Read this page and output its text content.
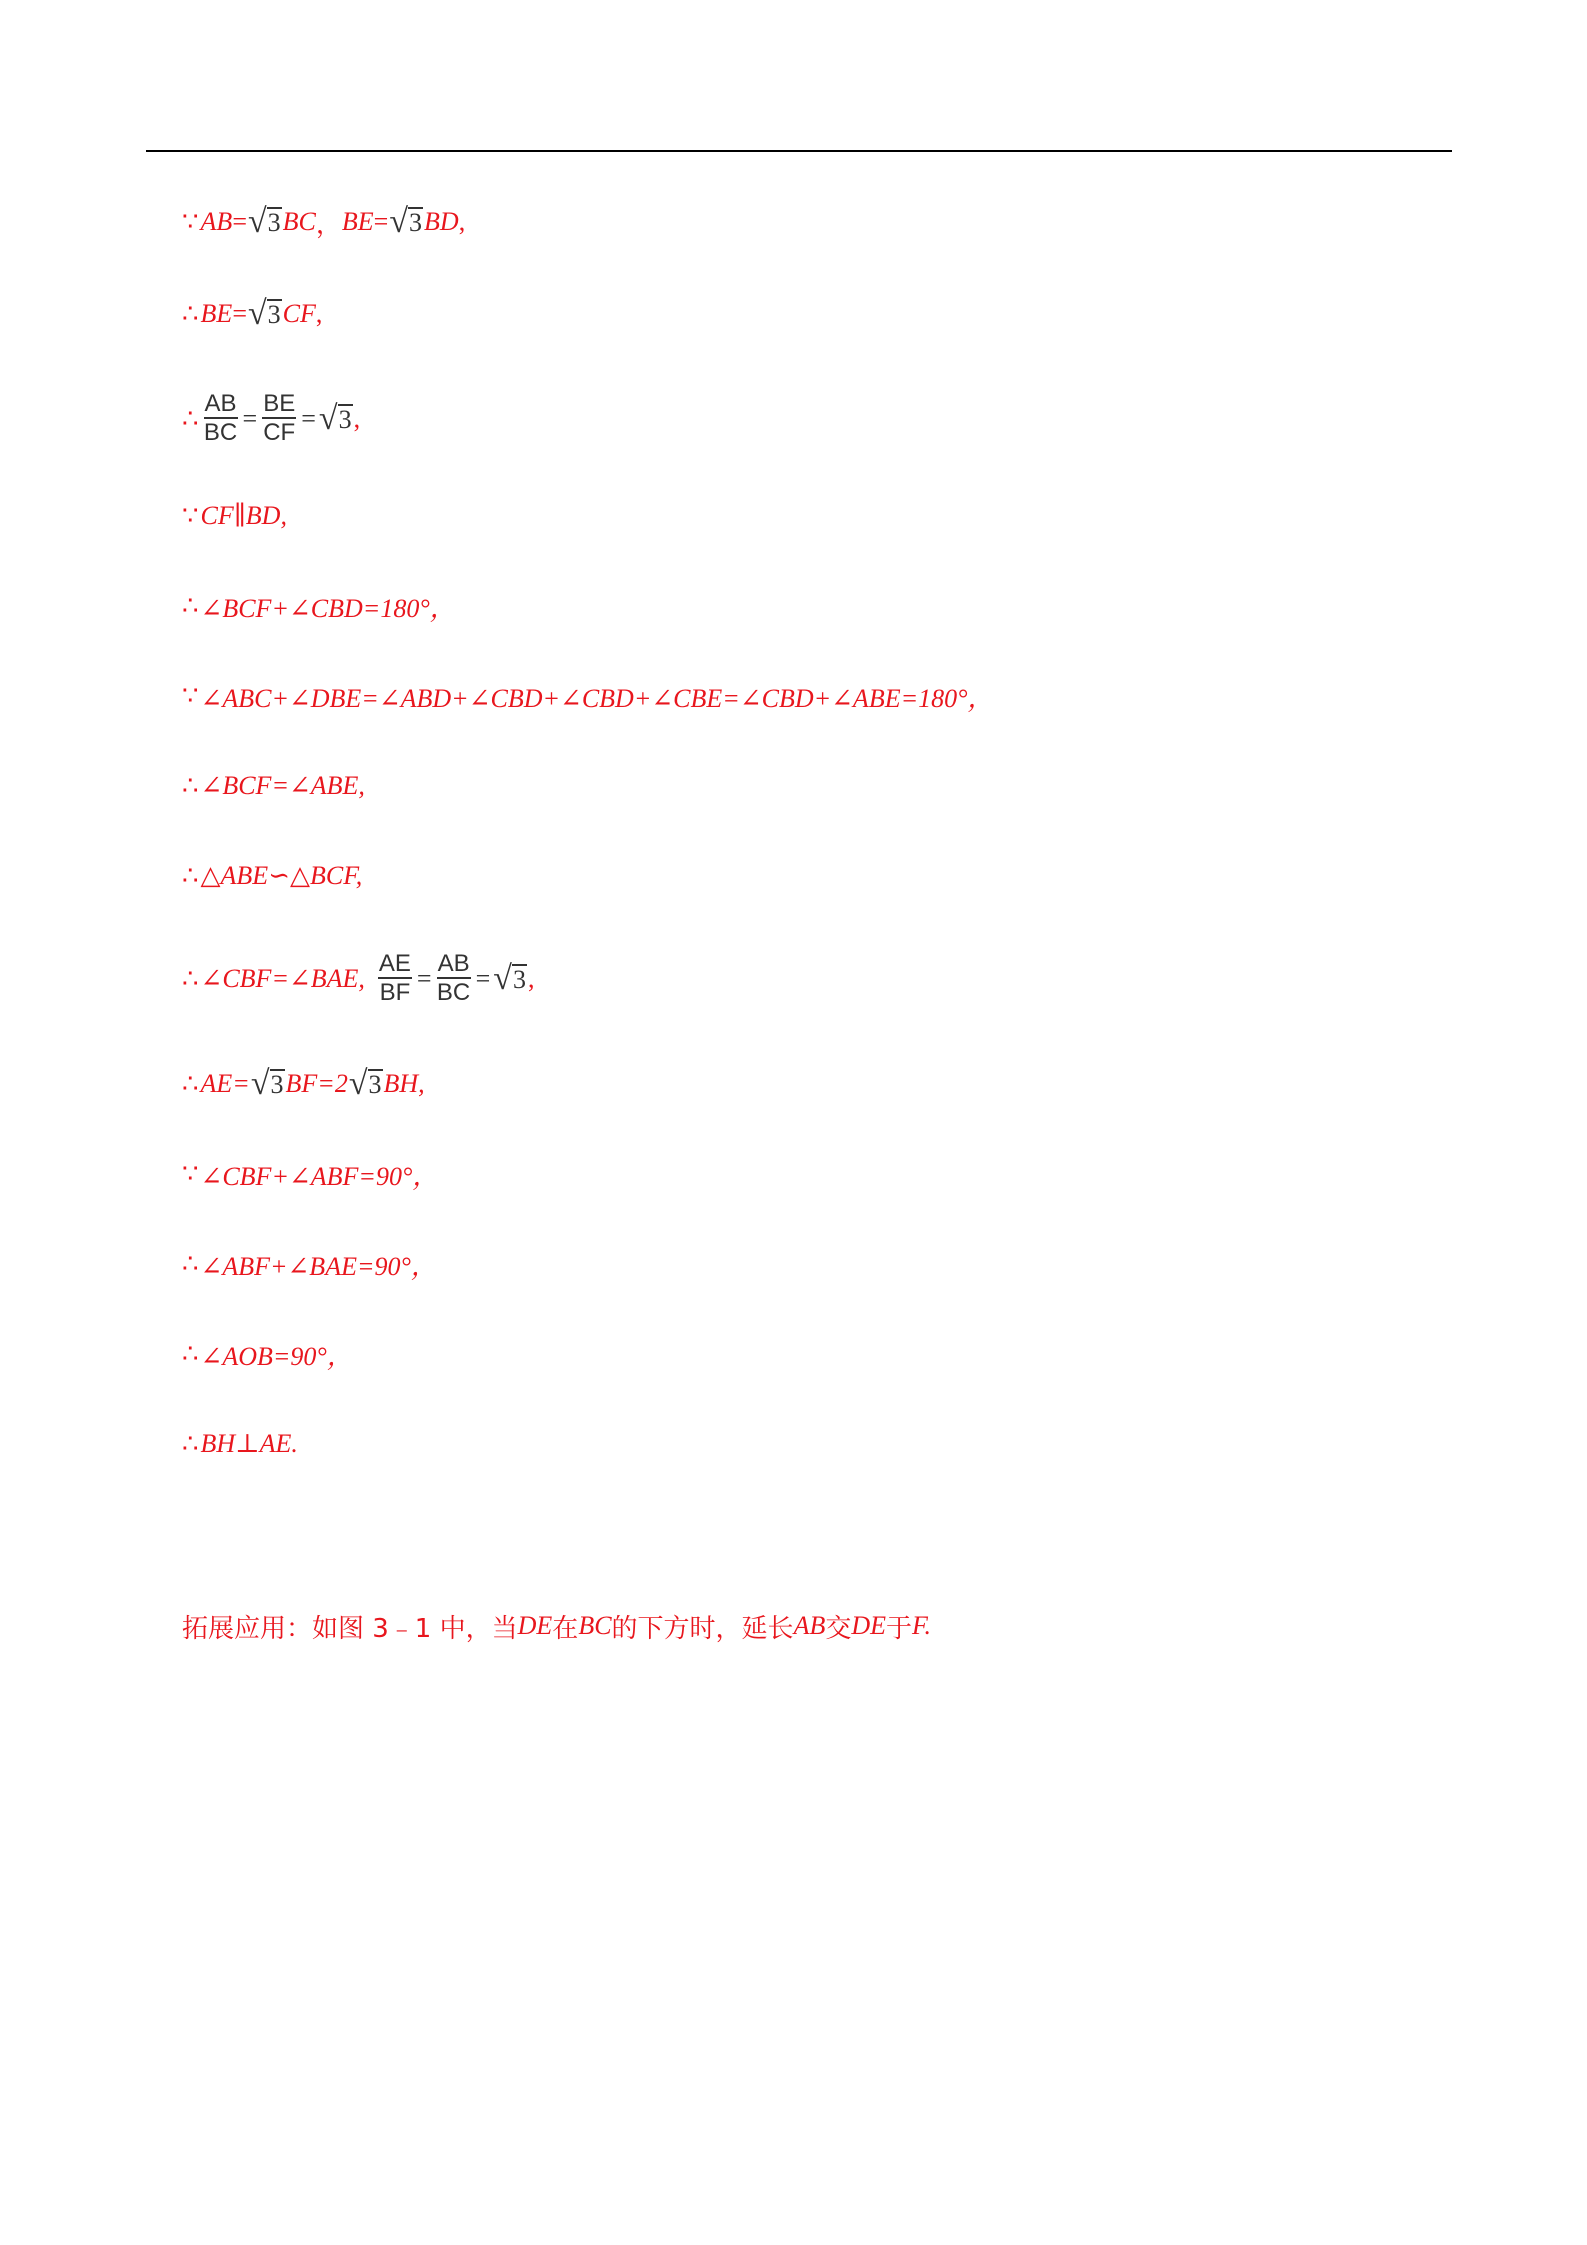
∵ AB = √ 3 BC ， BE = √ 3 BD ,
∴ BE = √ 3 CF ,
∴ $\frac{AB}{BC} = \frac{BE}{CF}$ = √ 3 ,
∵ CF∥BD,
∴ ∠BCF+∠CBD=180°，
∵ ∠ABC+∠DBE=∠ABD+∠CBD+∠CBD+∠CBE=∠CBD+∠ABE=180°，
∴ ∠BCF=∠ABE,
∴ △ABE∽△BCF,
∴ ∠CBF=∠BAE, $\frac{AE}{BF} = \frac{AB}{BC}$ = √ 3 ,
∴ AE= √ 3 BF=2 √ 3 BH,
∵ ∠CBF+∠ABF=90°，
∴ ∠ABF+∠BAE=90°，
∴ ∠AOB=90°，
∴ BH⊥AE.
拓展应用：如图 3﹣1 中，当 DE 在 BC 的下方时，延长 AB 交 DE 于 F.
